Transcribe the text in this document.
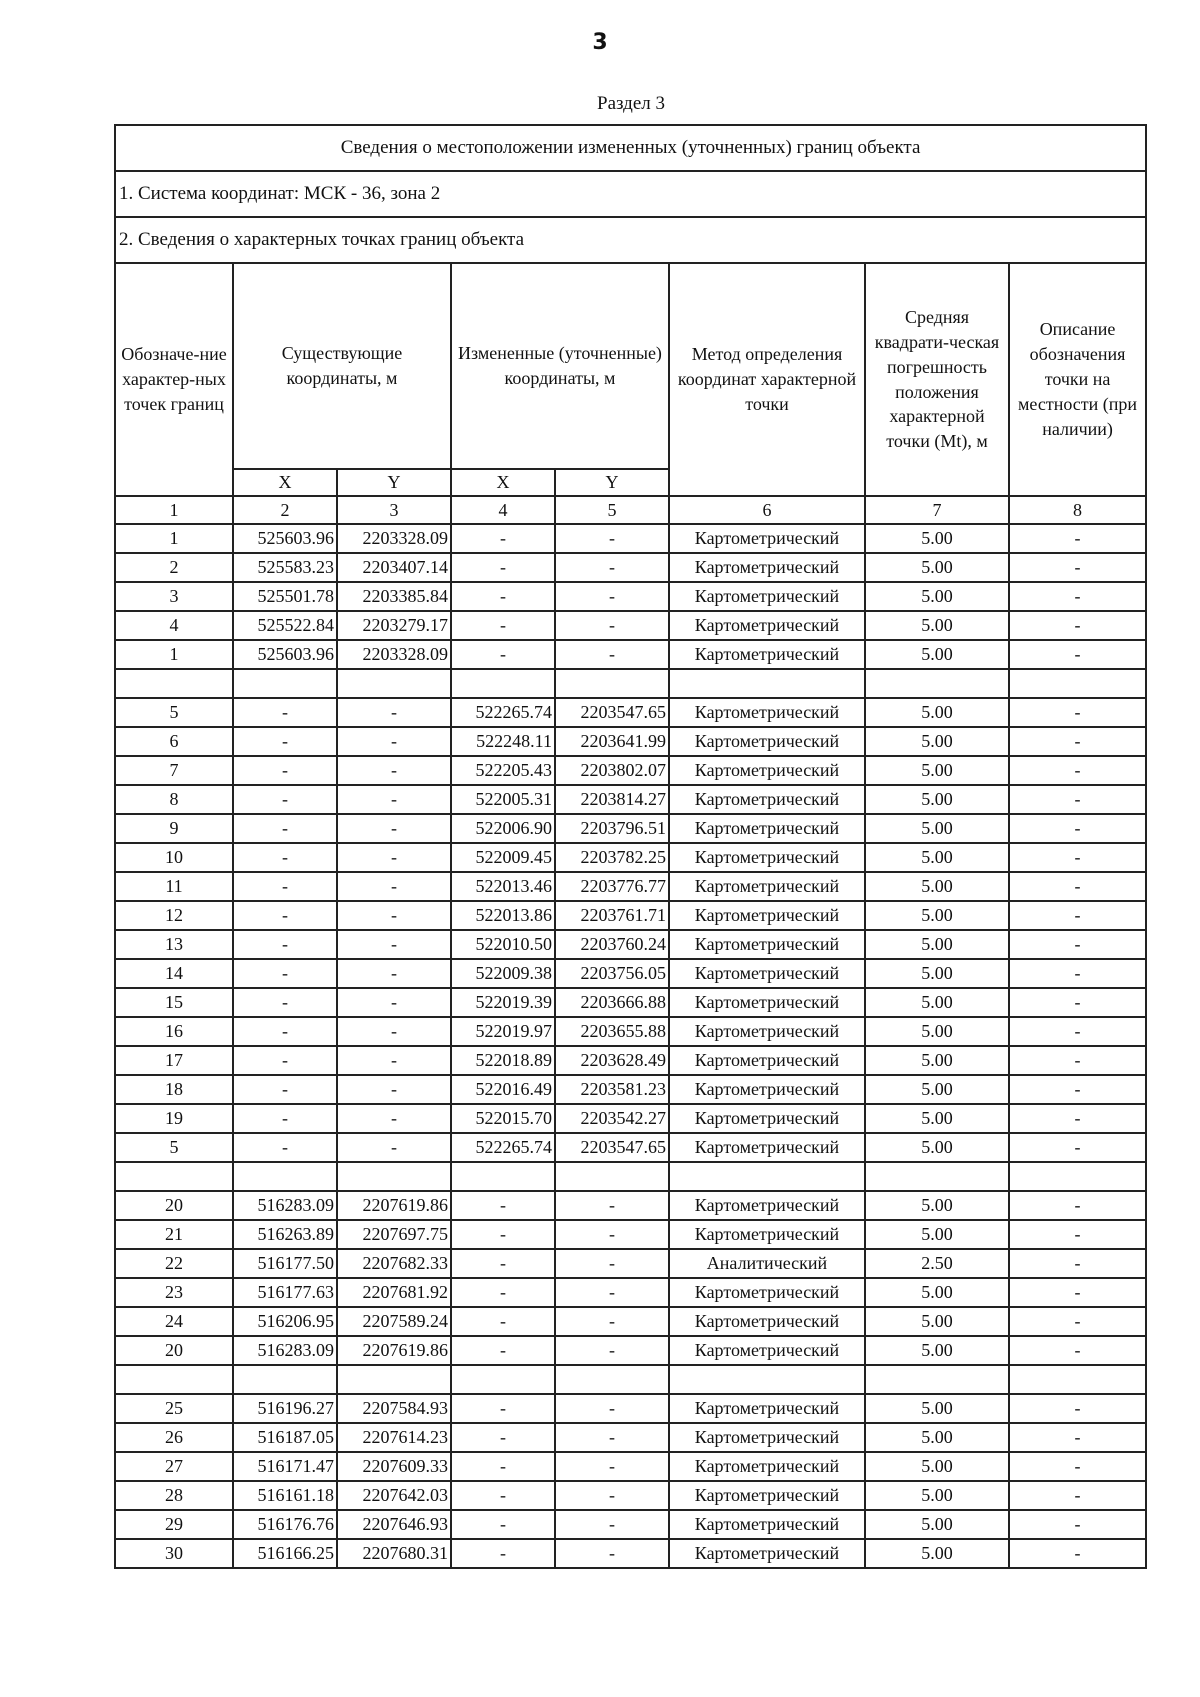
3
Раздел 3
Сведения о местоположении измененных (уточненных) границ объекта							
1. Система координат: МСК - 36, зона 2							
2. Сведения о характерных точках границ объекта							
Обозначе-ние характер-ных точек границ	Существующие координаты, м		Измененные (уточненные) координаты, м		Метод определения координат характерной точки	Средняя квадрати-ческая погрешность положения характерной точки (Mt), м	Описание обозначения точки на местности (при наличии)
	X	Y	X	Y			
1	2	3	4	5	6	7	8
1	525603.96	2203328.09	-	-	Картометрический	5.00	-
2	525583.23	2203407.14	-	-	Картометрический	5.00	-
3	525501.78	2203385.84	-	-	Картометрический	5.00	-
4	525522.84	2203279.17	-	-	Картометрический	5.00	-
1	525603.96	2203328.09	-	-	Картометрический	5.00	-

5	-	-	522265.74	2203547.65	Картометрический	5.00	-
6	-	-	522248.11	2203641.99	Картометрический	5.00	-
7	-	-	522205.43	2203802.07	Картометрический	5.00	-
8	-	-	522005.31	2203814.27	Картометрический	5.00	-
9	-	-	522006.90	2203796.51	Картометрический	5.00	-
10	-	-	522009.45	2203782.25	Картометрический	5.00	-
11	-	-	522013.46	2203776.77	Картометрический	5.00	-
12	-	-	522013.86	2203761.71	Картометрический	5.00	-
13	-	-	522010.50	2203760.24	Картометрический	5.00	-
14	-	-	522009.38	2203756.05	Картометрический	5.00	-
15	-	-	522019.39	2203666.88	Картометрический	5.00	-
16	-	-	522019.97	2203655.88	Картометрический	5.00	-
17	-	-	522018.89	2203628.49	Картометрический	5.00	-
18	-	-	522016.49	2203581.23	Картометрический	5.00	-
19	-	-	522015.70	2203542.27	Картометрический	5.00	-
5	-	-	522265.74	2203547.65	Картометрический	5.00	-

20	516283.09	2207619.86	-	-	Картометрический	5.00	-
21	516263.89	2207697.75	-	-	Картометрический	5.00	-
22	516177.50	2207682.33	-	-	Аналитический	2.50	-
23	516177.63	2207681.92	-	-	Картометрический	5.00	-
24	516206.95	2207589.24	-	-	Картометрический	5.00	-
20	516283.09	2207619.86	-	-	Картометрический	5.00	-

25	516196.27	2207584.93	-	-	Картометрический	5.00	-
26	516187.05	2207614.23	-	-	Картометрический	5.00	-
27	516171.47	2207609.33	-	-	Картометрический	5.00	-
28	516161.18	2207642.03	-	-	Картометрический	5.00	-
29	516176.76	2207646.93	-	-	Картометрический	5.00	-
30	516166.25	2207680.31	-	-	Картометрический	5.00	-
